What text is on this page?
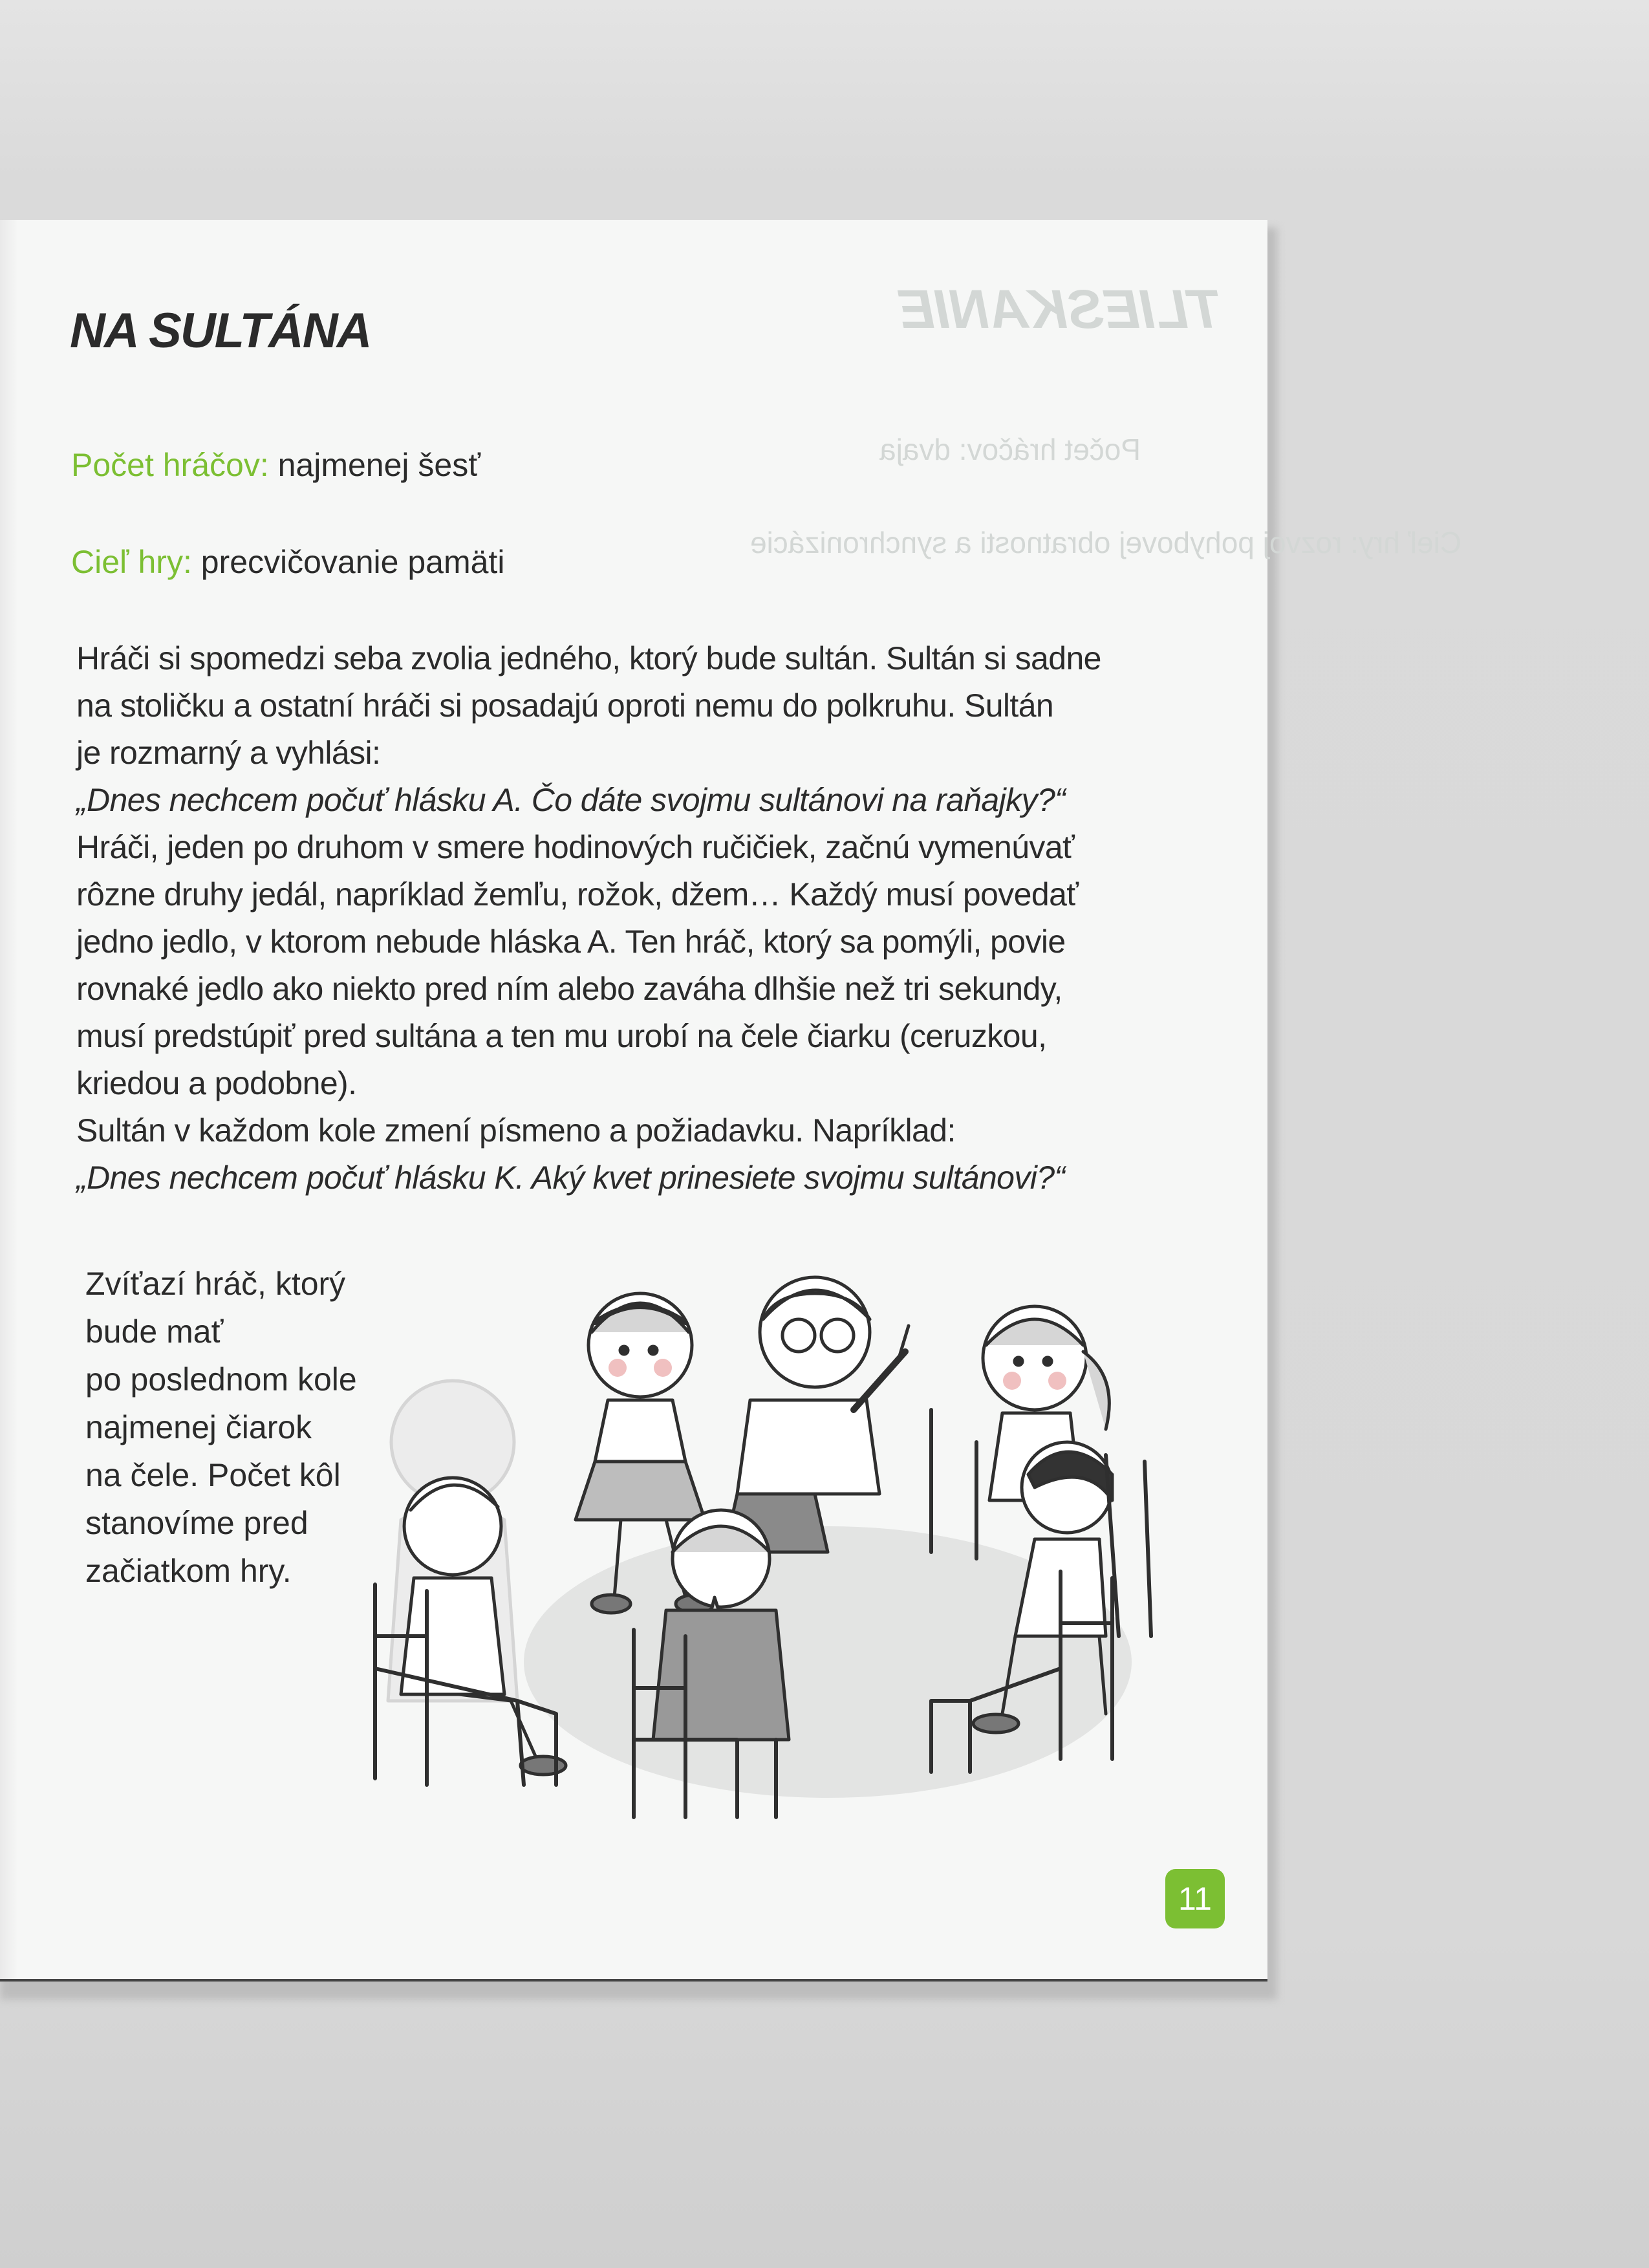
TLIESKANIE
Počet hráčov: dvaja
Cieľ hry: rozvoj pohybovej obratnosti a synchronizácie
NA SULTÁNA
Počet hráčov: najmenej šesť
Cieľ hry: precvičovanie pamäti
Hráči si spomedzi seba zvolia jedného, ktorý bude sultán. Sultán si sadne
na stoličku a ostatní hráči si posadajú oproti nemu do polkruhu. Sultán
je rozmarný a vyhlási:
„Dnes nechcem počuť hlásku A. Čo dáte svojmu sultánovi na raňajky?“
Hráči, jeden po druhom v smere hodinových ručičiek, začnú vymenúvať
rôzne druhy jedál, napríklad žemľu, rožok, džem… Každý musí povedať
jedno jedlo, v ktorom nebude hláska A. Ten hráč, ktorý sa pomýli, povie
rovnaké jedlo ako niekto pred ním alebo zaváha dlhšie než tri sekundy,
musí predstúpiť pred sultána a ten mu urobí na čele čiarku (ceruzkou,
kriedou a podobne).
Sultán v každom kole zmení písmeno a požiadavku. Napríklad:
„Dnes nechcem počuť hlásku K. Aký kvet prinesiete svojmu sultánovi?“
Zvíťazí hráč, ktorý
bude mať
po poslednom kole
najmenej čiarok
na čele. Počet kôl
stanovíme pred
začiatkom hry.
11
